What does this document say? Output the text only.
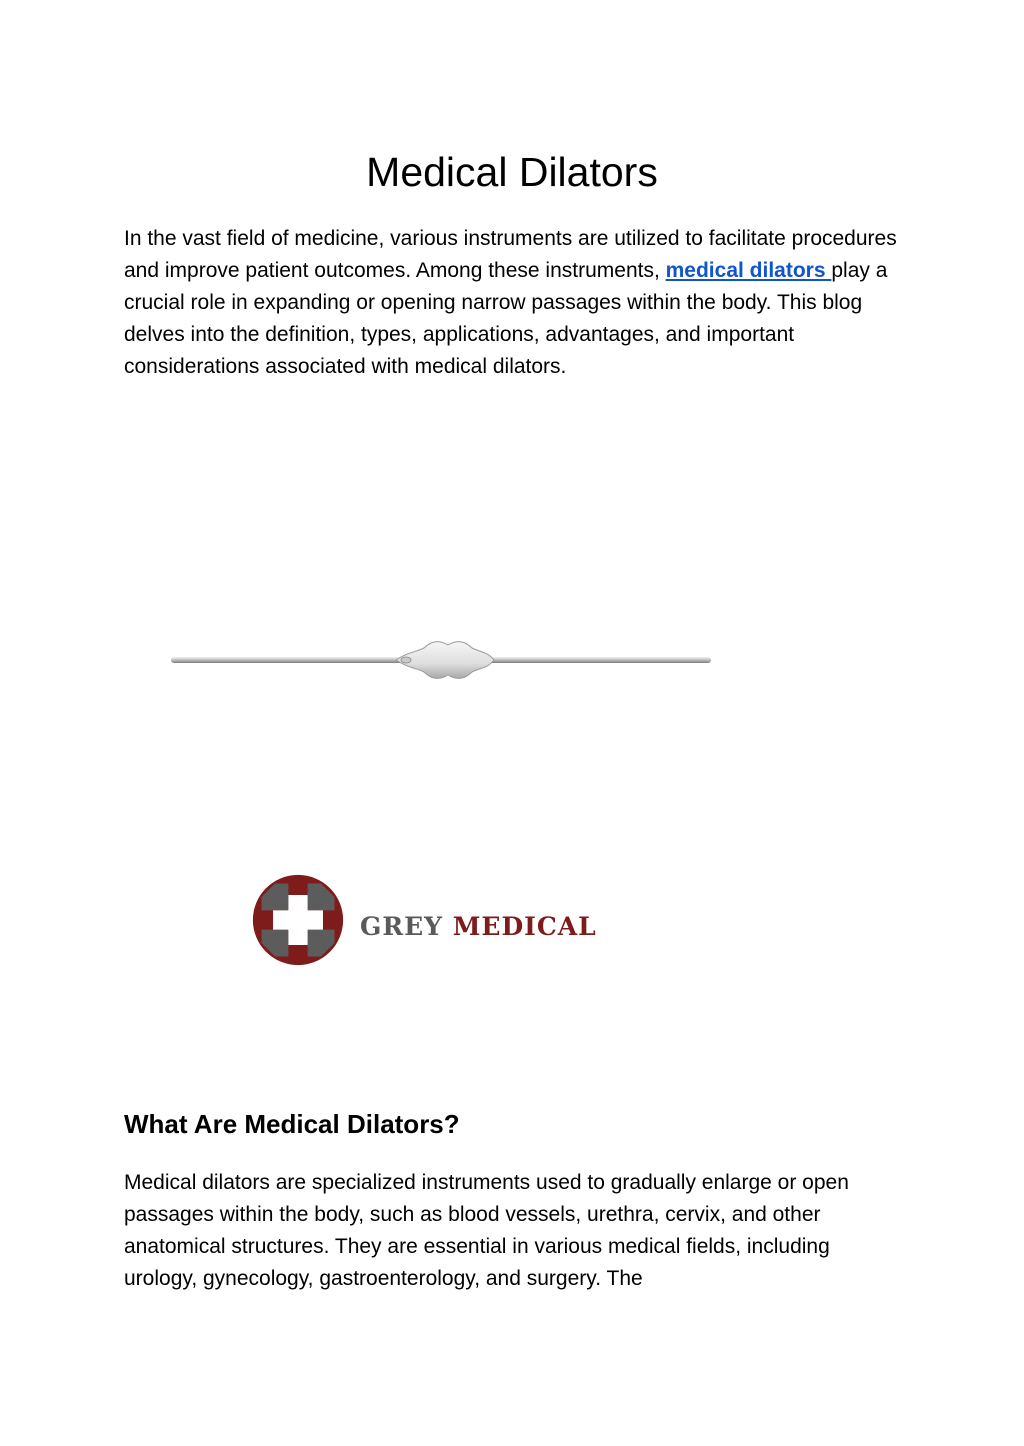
Medical Dilators

In the vast field of medicine, various instruments are utilized to facilitate procedures and improve patient outcomes. Among these instruments, medical dilators play a crucial role in expanding or opening narrow passages within the body. This blog delves into the definition, types, applications, advantages, and important considerations associated with medical dilators.

GREY MEDICAL
What Are Medical Dilators?

Medical dilators are specialized instruments used to gradually enlarge or open passages within the body, such as blood vessels, urethra, cervix, and other anatomical structures. They are essential in various medical fields, including urology, gynecology, gastroenterology, and surgery. The
